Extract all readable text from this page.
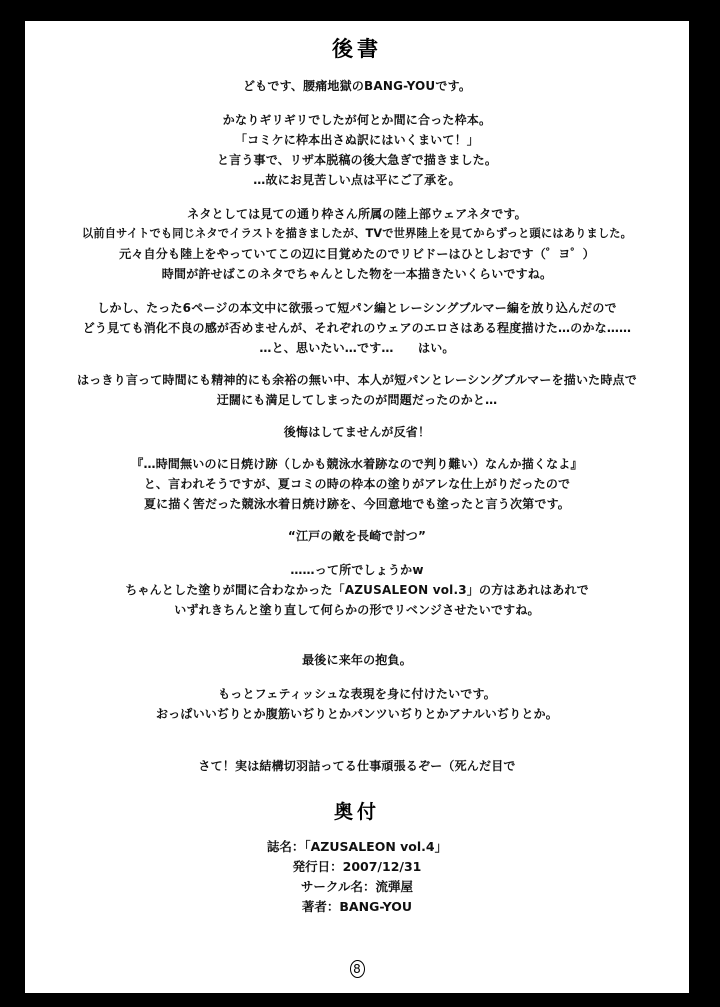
後書
どもです、腰痛地獄のBANG-YOUです。
かなりギリギリでしたが何とか間に合った枠本。
「コミケに枠本出さぬ訳にはいくまいて！」
と言う事で、リザ本脱稿の後大急ぎで描きました。
…故にお見苦しい点は平にご了承を。
ネタとしては見ての通り枠さん所属の陸上部ウェアネタです。
以前自サイトでも同じネタでイラストを描きましたが、TVで世界陸上を見てからずっと頭にはありました。
元々自分も陸上をやっていてこの辺に目覚めたのでリビドーはひとしおです（゜ヨ゜）
時間が許せばこのネタでちゃんとした物を一本描きたいくらいですね。
しかし、たった6ページの本文中に欲張って短パン編とレーシングブルマー編を放り込んだので
どう見ても消化不良の感が否めませんが、それぞれのウェアのエロさはある程度描けた…のかな……
…と、思いたい…です…　　はい。
はっきり言って時間にも精神的にも余裕の無い中、本人が短パンとレーシングブルマーを描いた時点で
迂闊にも満足してしまったのが問題だったのかと…
後悔はしてませんが反省！
『…時間無いのに日焼け跡（しかも競泳水着跡なので判り難い）なんか描くなよ』
と、言われそうですが、夏コミの時の枠本の塗りがアレな仕上がりだったので
夏に描く筈だった競泳水着日焼け跡を、今回意地でも塗ったと言う次第です。
“江戸の敵を長崎で討つ”
……って所でしょうかw
ちゃんとした塗りが間に合わなかった「AZUSALEON vol.3」の方はあれはあれで
いずれきちんと塗り直して何らかの形でリベンジさせたいですね。
最後に来年の抱負。
もっとフェティッシュな表現を身に付けたいです。
おっぱいいぢりとか腹筋いぢりとかパンツいぢりとかアナルいぢりとか。
さて！実は結構切羽詰ってる仕事頑張るぞー（死んだ目で
奥付
誌名：「AZUSALEON vol.4」
発行日：2007/12/31
サークル名：流弾屋
著者：BANG-YOU
8
